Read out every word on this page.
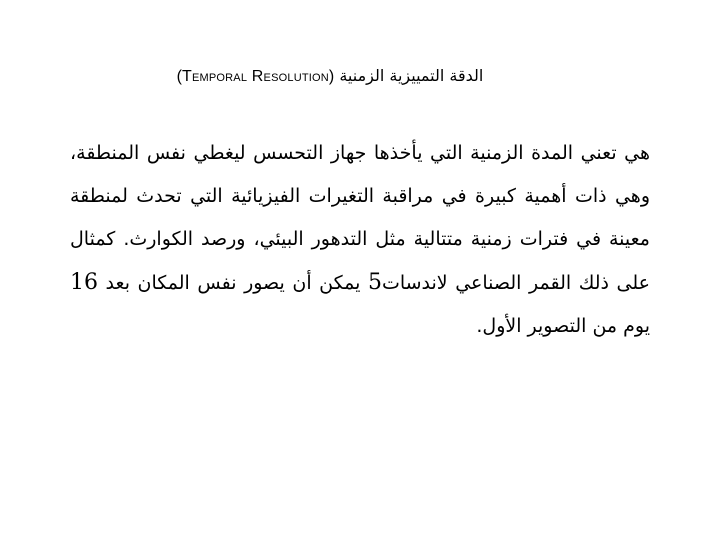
الدقة التمييزية الزمنية (Temporal Resolution)
هي تعني المدة الزمنية التي يأخذها جهاز التحسس ليغطي نفس المنطقة، وهي ذات أهمية كبيرة في مراقبة التغيرات الفيزيائية التي تحدث لمنطقة معينة في فترات زمنية متتالية مثل التدهور البيئي، ورصد الكوارث. كمثال على ذلك القمر الصناعي لاندسات5 يمكن أن يصور نفس المكان بعد 16 يوم من التصوير الأول.
